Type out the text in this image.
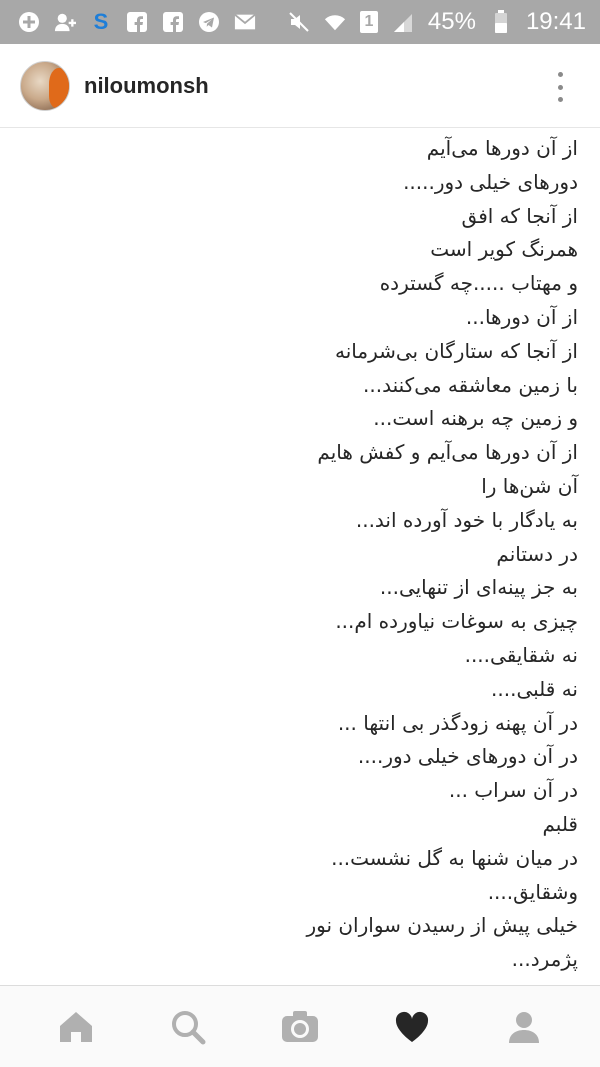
S	1 45% 19:41
niloumonsh
از آن دورها می‌آیم
دورهای خیلی دور.....
از آنجا که افق
همرنگ کویر است
و مهتاب .....چه گسترده
از آن دورها...
از آنجا که ستارگان بی‌شرمانه
با زمین معاشقه می‌کنند...
و زمین چه برهنه است...
از آن دورها می‌آیم و کفش هایم
آن شن‌ها را
به یادگار با خود آورده اند...
در دستانم
به جز پینه‌ای از تنهایی...
چیزی به سوغات نیاورده ام...
نه شقایقی....
نه قلبی....
در آن پهنه زودگذر بی انتها ...
در آن دورهای خیلی دور....
در آن سراب ...
قلبم
در میان شنها به گل نشست...
وشقایق....
خیلی پیش از رسیدن سواران نور
پژمرد...
